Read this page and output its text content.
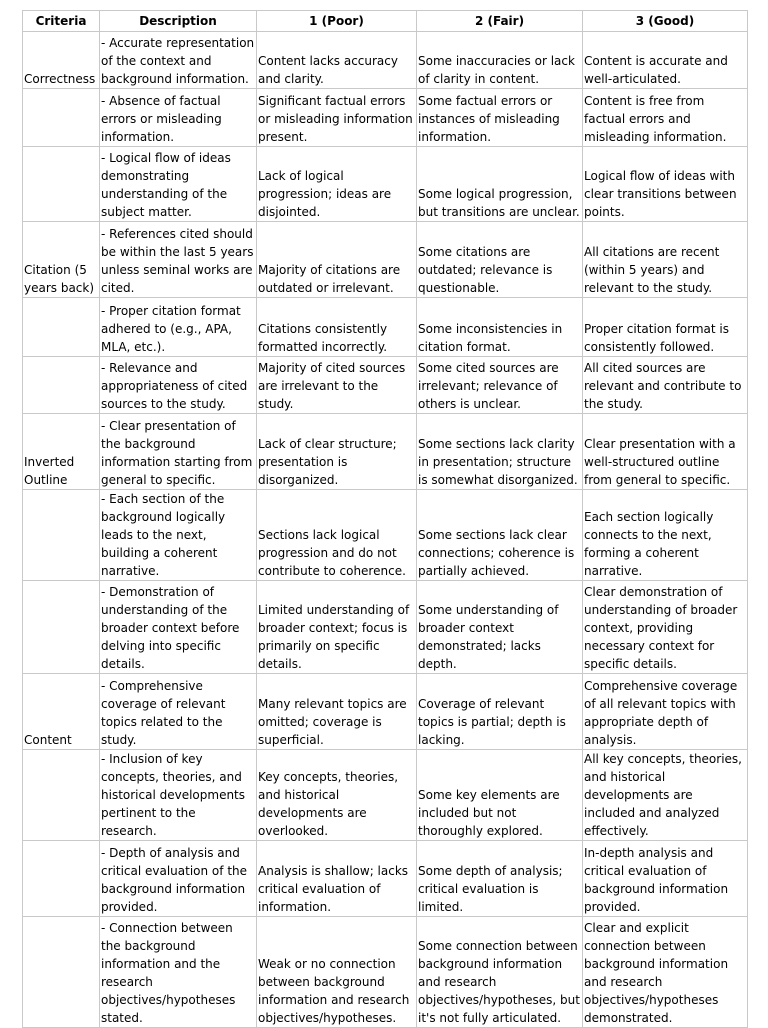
Criteria	Description	1 (Poor)	2 (Fair)	3 (Good)
Correctness	- Accurate representation of the context and background information.	Content lacks accuracy and clarity.	Some inaccuracies or lack of clarity in content.	Content is accurate and well-articulated.
	- Absence of factual errors or misleading information.	Significant factual errors or misleading information present.	Some factual errors or instances of misleading information.	Content is free from factual errors and misleading information.
	- Logical flow of ideas demonstrating understanding of the subject matter.	Lack of logical progression; ideas are disjointed.	Some logical progression, but transitions are unclear.	Logical flow of ideas with clear transitions between points.
Citation (5 years back)	- References cited should be within the last 5 years unless seminal works are cited.	Majority of citations are outdated or irrelevant.	Some citations are outdated; relevance is questionable.	All citations are recent (within 5 years) and relevant to the study.
	- Proper citation format adhered to (e.g., APA, MLA, etc.).	Citations consistently formatted incorrectly.	Some inconsistencies in citation format.	Proper citation format is consistently followed.
	- Relevance and appropriateness of cited sources to the study.	Majority of cited sources are irrelevant to the study.	Some cited sources are irrelevant; relevance of others is unclear.	All cited sources are relevant and contribute to the study.
Inverted Outline	- Clear presentation of the background information starting from general to specific.	Lack of clear structure; presentation is disorganized.	Some sections lack clarity in presentation; structure is somewhat disorganized.	Clear presentation with a well-structured outline from general to specific.
	- Each section of the background logically leads to the next, building a coherent narrative.	Sections lack logical progression and do not contribute to coherence.	Some sections lack clear connections; coherence is partially achieved.	Each section logically connects to the next, forming a coherent narrative.
	- Demonstration of understanding of the broader context before delving into specific details.	Limited understanding of broader context; focus is primarily on specific details.	Some understanding of broader context demonstrated; lacks depth.	Clear demonstration of understanding of broader context, providing necessary context for specific details.
Content	- Comprehensive coverage of relevant topics related to the study.	Many relevant topics are omitted; coverage is superficial.	Coverage of relevant topics is partial; depth is lacking.	Comprehensive coverage of all relevant topics with appropriate depth of analysis.
	- Inclusion of key concepts, theories, and historical developments pertinent to the research.	Key concepts, theories, and historical developments are overlooked.	Some key elements are included but not thoroughly explored.	All key concepts, theories, and historical developments are included and analyzed effectively.
	- Depth of analysis and critical evaluation of the background information provided.	Analysis is shallow; lacks critical evaluation of information.	Some depth of analysis; critical evaluation is limited.	In-depth analysis and critical evaluation of background information provided.
	- Connection between the background information and the research objectives/hypotheses stated.	Weak or no connection between background information and research objectives/hypotheses.	Some connection between background information and research objectives/hypotheses, but it's not fully articulated.	Clear and explicit connection between background information and research objectives/hypotheses demonstrated.
